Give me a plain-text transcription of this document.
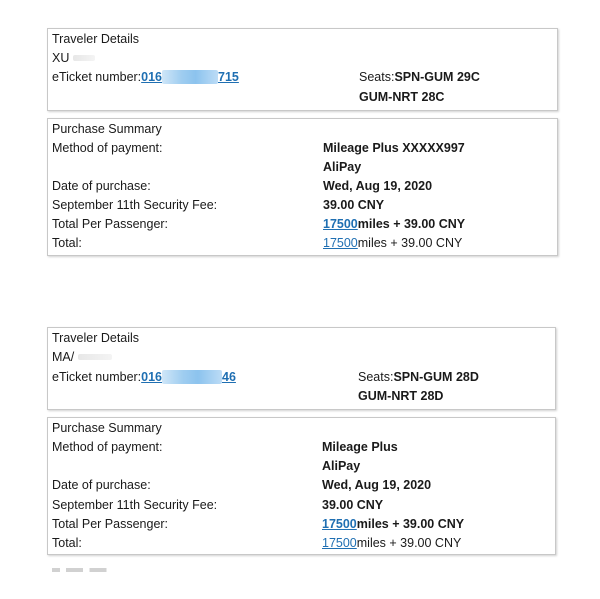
Traveler Details
XU
eTicket number:016	715	Seats:SPN-GUM 29C
GUM-NRT 28C
Purchase Summary
Method of payment:	Mileage Plus XXXXX997
AliPay
Date of purchase:	Wed, Aug 19, 2020
September 11th Security Fee:	39.00 CNY
Total Per Passenger:	17500miles + 39.00 CNY
Total:	17500miles + 39.00 CNY
Traveler Details
MA/
eTicket number:016	46	Seats:SPN-GUM 28D
GUM-NRT 28D
Purchase Summary
Method of payment:	Mileage Plus
AliPay
Date of purchase:	Wed, Aug 19, 2020
September 11th Security Fee:	39.00 CNY
Total Per Passenger:	17500miles + 39.00 CNY
Total:	17500miles + 39.00 CNY
